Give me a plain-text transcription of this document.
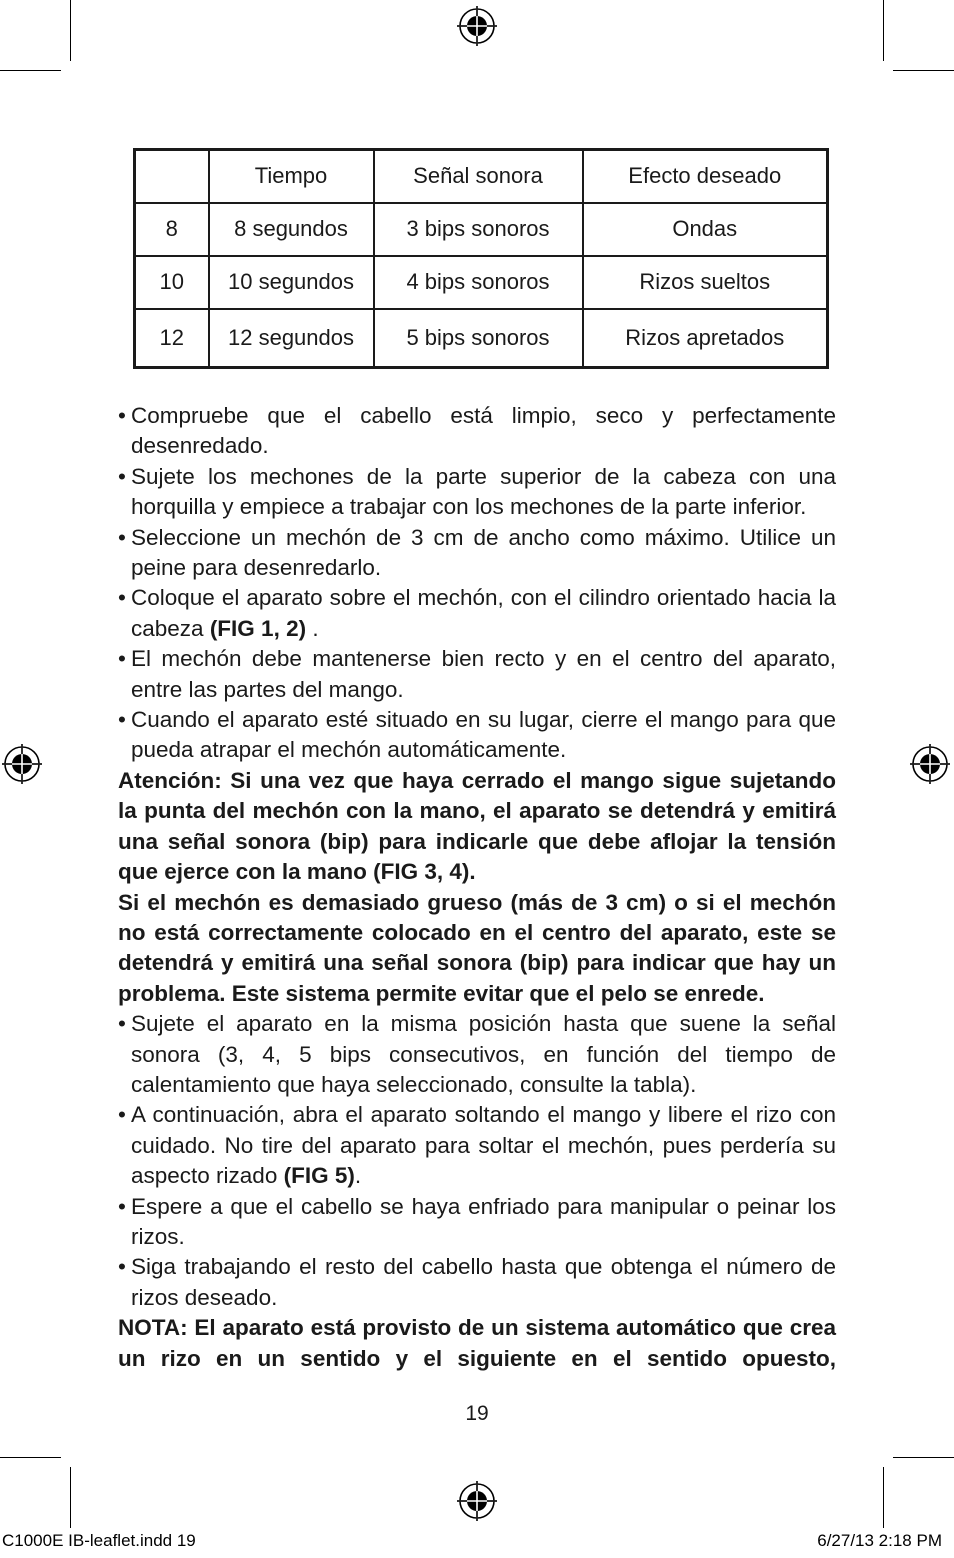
	Tiempo	Señal sonora	Efecto deseado
8	8 segundos	3 bips sonoros	Ondas
10	10 segundos	4 bips sonoros	Rizos sueltos
12	12 segundos	5 bips sonoros	Rizos apretados

• Compruebe que el cabello está limpio, seco y perfectamente desenredado.

• Sujete los mechones de la parte superior de la cabeza con una horquilla y empiece a trabajar con los mechones de la parte inferior.

• Seleccione un mechón de 3 cm de ancho como máximo. Utilice un peine para desenredarlo.

• Coloque el aparato sobre el mechón, con el cilindro orientado hacia la cabeza (FIG 1, 2) .

• El mechón debe mantenerse bien recto y en el centro del aparato, entre las partes del mango.

• Cuando el aparato esté situado en su lugar, cierre el mango para que pueda atrapar el mechón automáticamente.

Atención: Si una vez que haya cerrado el mango sigue sujetando la punta del mechón con la mano, el aparato se detendrá y emitirá una señal sonora (bip) para indicarle que debe aflojar la tensión que ejerce con la mano (FIG 3, 4).

Si el mechón es demasiado grueso (más de 3 cm) o si el mechón no está correctamente colocado en el centro del aparato, este se detendrá y emitirá una señal sonora (bip) para indicar que hay un problema. Este sistema permite evitar que el pelo se enrede.

• Sujete el aparato en la misma posición hasta que suene la señal sonora (3, 4, 5 bips consecutivos, en función del tiempo de calentamiento que haya seleccionado, consulte la tabla).

• A continuación, abra el aparato soltando el mango y libere el rizo con cuidado. No tire del aparato para soltar el mechón, pues perdería su aspecto rizado (FIG 5).

• Espere a que el cabello se haya enfriado para manipular o peinar los rizos.

• Siga trabajando el resto del cabello hasta que obtenga el número de rizos deseado.

NOTA: El aparato está provisto de un sistema automático que crea un rizo en un sentido y el siguiente en el sentido opuesto,

19
C1000E IB-leaflet.indd 19	6/27/13 2:18 PM
